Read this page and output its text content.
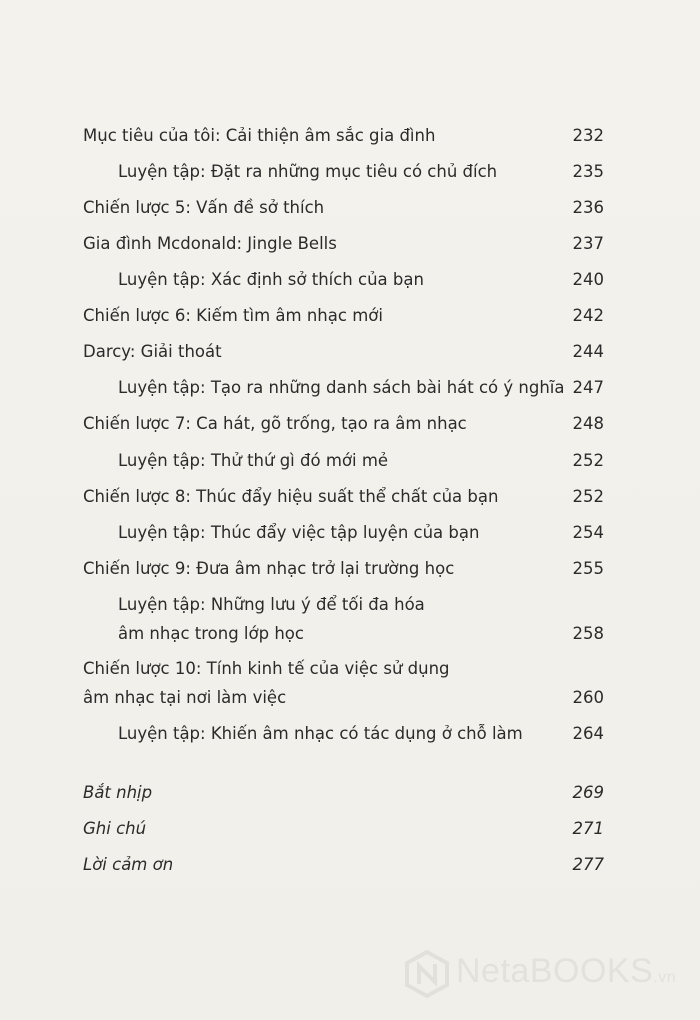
Mục tiêu của tôi: Cải thiện âm sắc gia đình	232
Luyện tập: Đặt ra những mục tiêu có chủ đích	235
Chiến lược 5: Vấn đề sở thích	236
Gia đình Mcdonald: Jingle Bells	237
Luyện tập: Xác định sở thích của bạn	240
Chiến lược 6: Kiếm tìm âm nhạc mới	242
Darcy: Giải thoát	244
Luyện tập: Tạo ra những danh sách bài hát có ý nghĩa 247
Chiến lược 7: Ca hát, gõ trống, tạo ra âm nhạc	248
Luyện tập: Thử thứ gì đó mới mẻ	252
Chiến lược 8: Thúc đẩy hiệu suất thể chất của bạn	252
Luyện tập: Thúc đẩy việc tập luyện của bạn	254
Chiến lược 9: Đưa âm nhạc trở lại trường học	255
Luyện tập: Những lưu ý để tối đa hóa
âm nhạc trong lớp học	258
Chiến lược 10: Tính kinh tế của việc sử dụng
âm nhạc tại nơi làm việc	260
Luyện tập: Khiến âm nhạc có tác dụng ở chỗ làm	264
Bắt nhịp	269
Ghi chú	271
Lời cảm ơn	277
NetaBOOKS.vn
